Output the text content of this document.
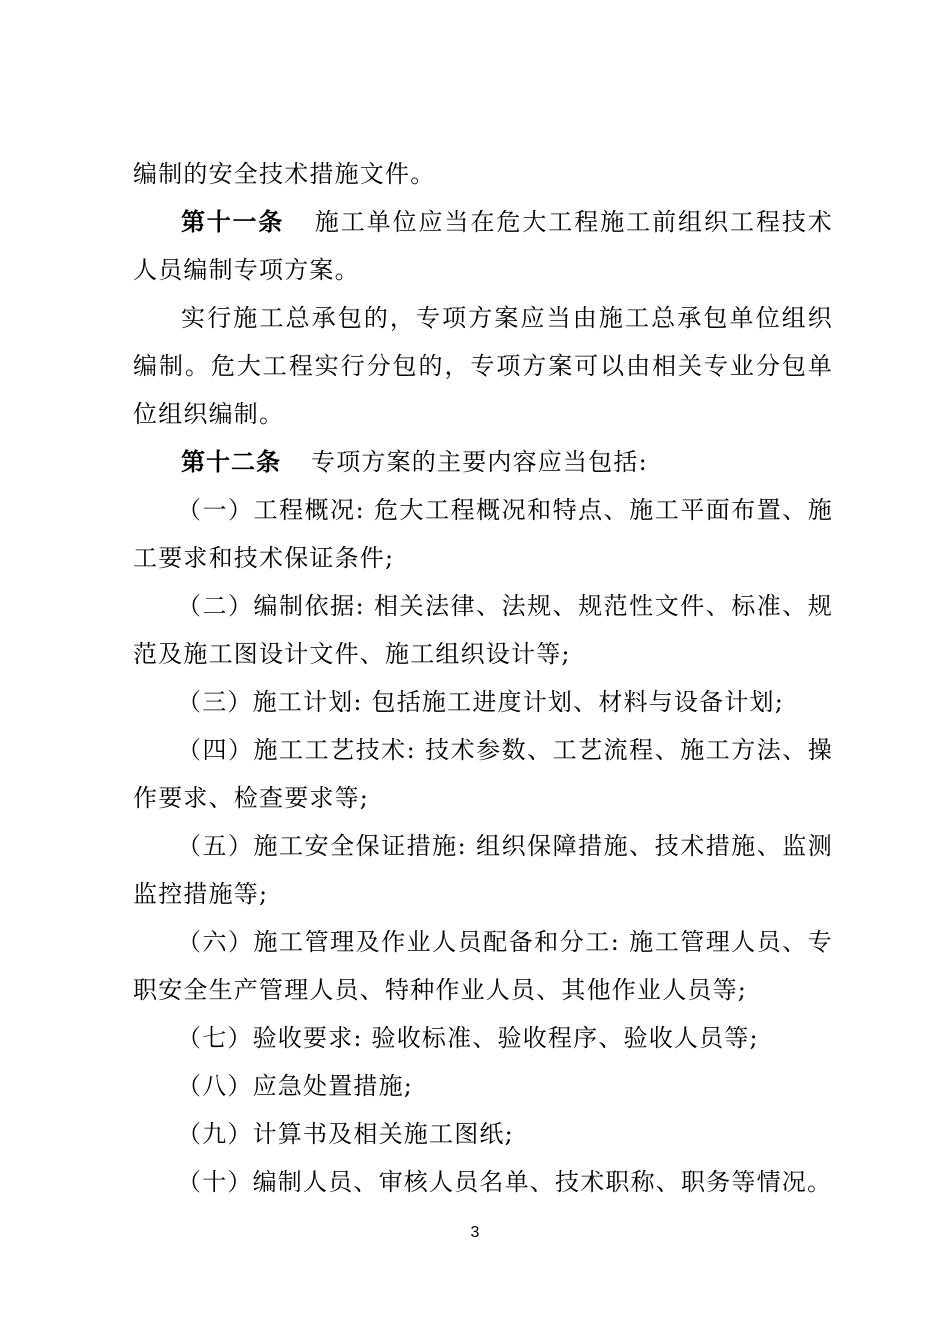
编制的安全技术措施文件。

第十一条 施工单位应当在危大工程施工前组织工程技术人员编制专项方案。

实行施工总承包的，专项方案应当由施工总承包单位组织编制。危大工程实行分包的，专项方案可以由相关专业分包单位组织编制。

第十二条 专项方案的主要内容应当包括:

（一）工程概况: 危大工程概况和特点、施工平面布置、施工要求和技术保证条件;

（二）编制依据: 相关法律、法规、规范性文件、标准、规范及施工图设计文件、施工组织设计等;

（三）施工计划: 包括施工进度计划、材料与设备计划;

（四）施工工艺技术: 技术参数、工艺流程、施工方法、操作要求、检查要求等;

（五）施工安全保证措施: 组织保障措施、技术措施、监测监控措施等;

（六）施工管理及作业人员配备和分工: 施工管理人员、专职安全生产管理人员、特种作业人员、其他作业人员等;

（七）验收要求: 验收标准、验收程序、验收人员等;

（八）应急处置措施;

（九）计算书及相关施工图纸;

（十）编制人员、审核人员名单、技术职称、职务等情况。

3
